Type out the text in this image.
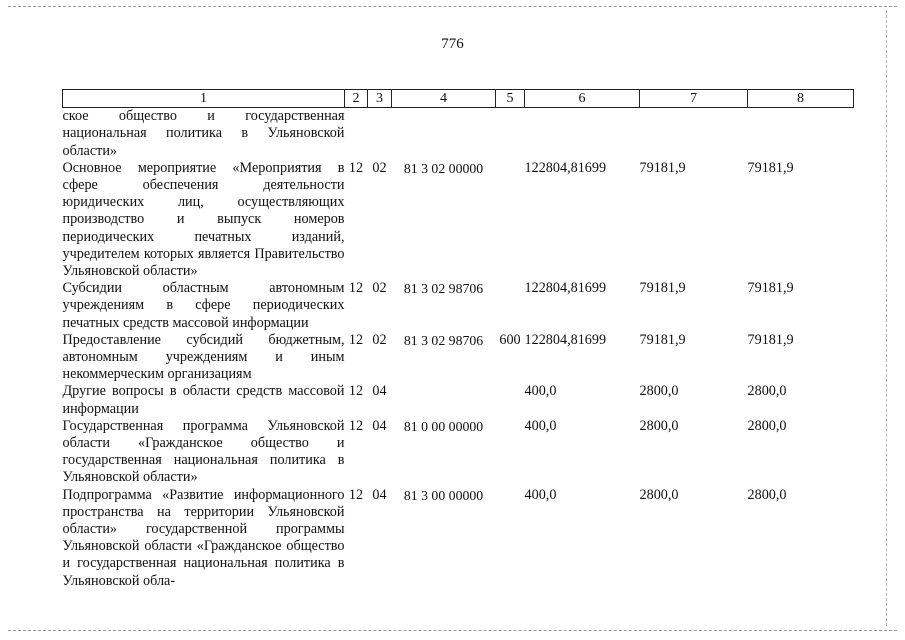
776
1	2	3	4	5	6	7	8
ское общество и государственная национальная политика в Ульяновской области»							
Основное мероприятие «Мероприятия в сфере обеспечения деятельности юридических лиц, осуществляющих производство и выпуск номеров периодических печатных изданий, учредителем которых является Правительство Ульяновской области»	12	02	81 3 02 00000		122804,81699	79181,9	79181,9
Субсидии областным автономным учреждениям в сфере периодических печатных средств массовой информации	12	02	81 3 02 98706		122804,81699	79181,9	79181,9
Предоставление субсидий бюджетным, автономным учреждениям и иным некоммерческим организациям	12	02	81 3 02 98706	600	122804,81699	79181,9	79181,9
Другие вопросы в области средств массовой информации	12	04			400,0	2800,0	2800,0
Государственная программа Ульяновской области «Гражданское общество и государственная национальная политика в Ульяновской области»	12	04	81 0 00 00000		400,0	2800,0	2800,0
Подпрограмма «Развитие информационного пространства на территории Ульяновской области» государственной программы Ульяновской области «Гражданское общество и государственная национальная политика в Ульяновской обла-	12	04	81 3 00 00000		400,0	2800,0	2800,0
